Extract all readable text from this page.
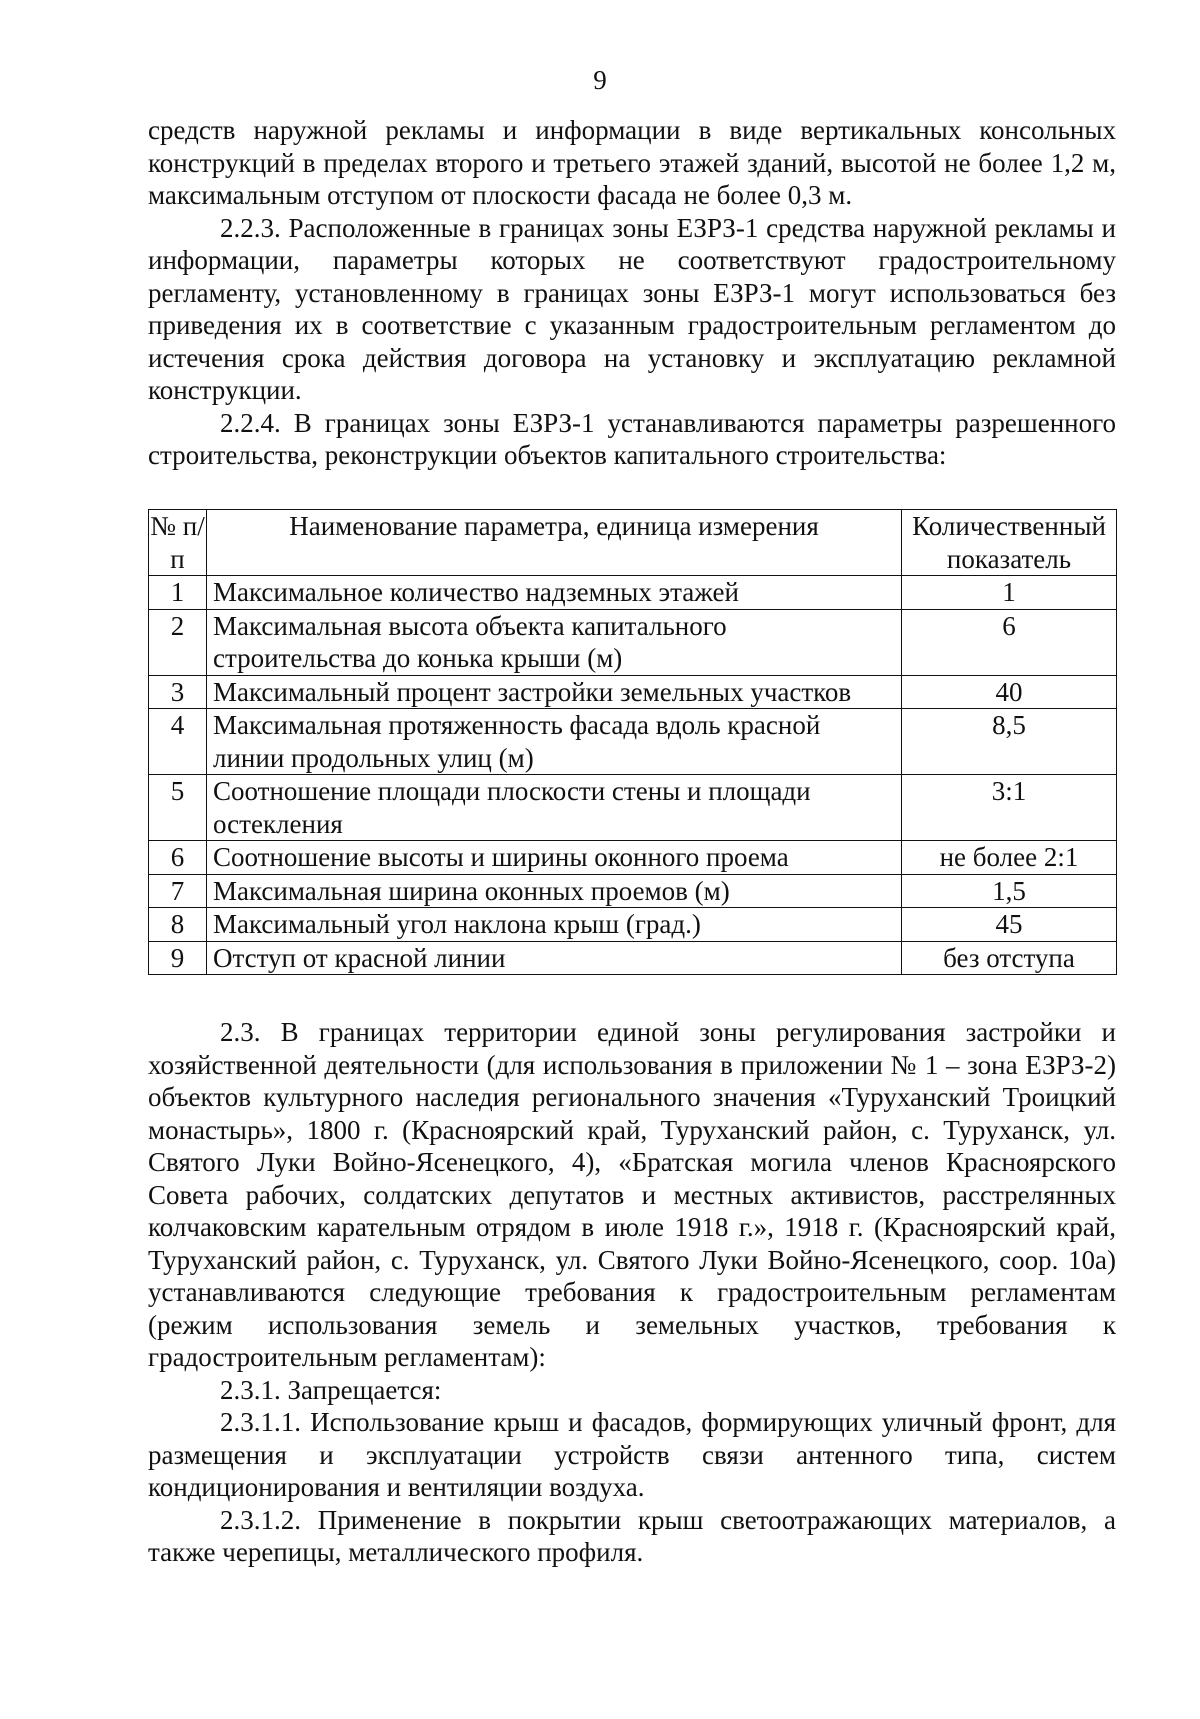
9

средств наружной рекламы и информации в виде вертикальных консольных конструкций в пределах второго и третьего этажей зданий, высотой не более 1,2 м, максимальным отступом от плоскости фасада не более 0,3 м.

2.2.3. Расположенные в границах зоны ЕЗРЗ-1 средства наружной рекламы и информации, параметры которых не соответствуют градостроительному регламенту, установленному в границах зоны ЕЗРЗ-1 могут использоваться без приведения их в соответствие с указанным градостроительным регламентом до истечения срока действия договора на установку и эксплуатацию рекламной конструкции.

2.2.4. В границах зоны ЕЗРЗ-1 устанавливаются параметры разрешенного строительства, реконструкции объектов капитального строительства:

№ п/п	Наименование параметра, единица измерения	Количественный показатель
1	Максимальное количество надземных этажей	1
2	Максимальная высота объекта капитального строительства до конька крыши (м)	6
3	Максимальный процент застройки земельных участков	40
4	Максимальная протяженность фасада вдоль красной линии продольных улиц (м)	8,5
5	Соотношение площади плоскости стены и площади остекления	3:1
6	Соотношение высоты и ширины оконного проема	не более 2:1
7	Максимальная ширина оконных проемов (м)	1,5
8	Максимальный угол наклона крыш (град.)	45
9	Отступ от красной линии	без отступа

2.3. В границах территории единой зоны регулирования застройки и хозяйственной деятельности (для использования в приложении № 1 – зона ЕЗРЗ-2) объектов культурного наследия регионального значения «Туруханский Троицкий монастырь», 1800 г. (Красноярский край, Туруханский район, с. Туруханск, ул. Святого Луки Войно-Ясенецкого, 4), «Братская могила членов Красноярского Совета рабочих, солдатских депутатов и местных активистов, расстрелянных колчаковским карательным отрядом в июле 1918 г.», 1918 г. (Красноярский край, Туруханский район, с. Туруханск, ул. Святого Луки Войно-Ясенецкого, соор. 10а) устанавливаются следующие требования к градостроительным регламентам (режим использования земель и земельных участков, требования к градостроительным регламентам):

2.3.1. Запрещается:

2.3.1.1. Использование крыш и фасадов, формирующих уличный фронт, для размещения и эксплуатации устройств связи антенного типа, систем кондиционирования и вентиляции воздуха.

2.3.1.2. Применение в покрытии крыш светоотражающих материалов, а также черепицы, металлического профиля.
